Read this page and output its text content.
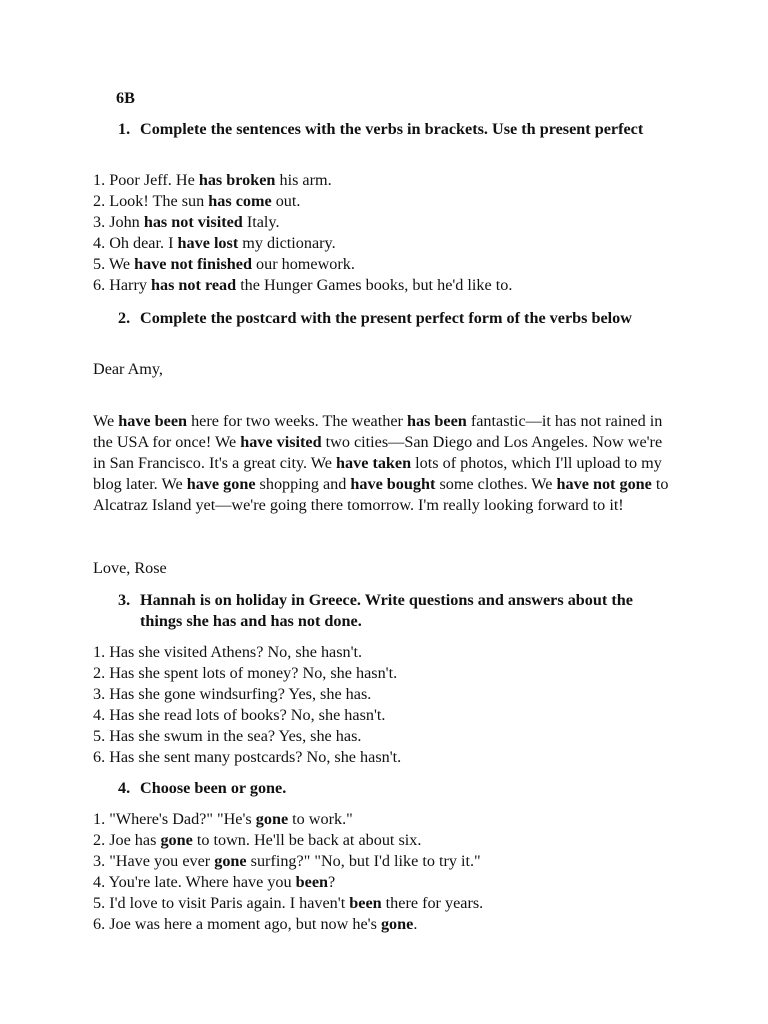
6B
1. Complete the sentences with the verbs in brackets. Use th present perfect
1. Poor Jeff. He has broken his arm.
2. Look! The sun has come out.
3. John has not visited Italy.
4. Oh dear. I have lost my dictionary.
5. We have not finished our homework.
6. Harry has not read the Hunger Games books, but he'd like to.
2. Complete the postcard with the present perfect form of the verbs below
Dear Amy,
We have been here for two weeks. The weather has been fantastic—it has not rained in the USA for once! We have visited two cities—San Diego and Los Angeles. Now we're in San Francisco. It's a great city. We have taken lots of photos, which I'll upload to my blog later. We have gone shopping and have bought some clothes. We have not gone to Alcatraz Island yet—we're going there tomorrow. I'm really looking forward to it!
Love, Rose
3. Hannah is on holiday in Greece. Write questions and answers about the things she has and has not done.
1. Has she visited Athens? No, she hasn't.
2. Has she spent lots of money? No, she hasn't.
3. Has she gone windsurfing? Yes, she has.
4. Has she read lots of books? No, she hasn't.
5. Has she swum in the sea? Yes, she has.
6. Has she sent many postcards? No, she hasn't.
4. Choose been or gone.
1. "Where's Dad?" "He's gone to work."
2. Joe has gone to town. He'll be back at about six.
3. "Have you ever gone surfing?" "No, but I'd like to try it."
4. You're late. Where have you been?
5. I'd love to visit Paris again. I haven't been there for years.
6. Joe was here a moment ago, but now he's gone.
